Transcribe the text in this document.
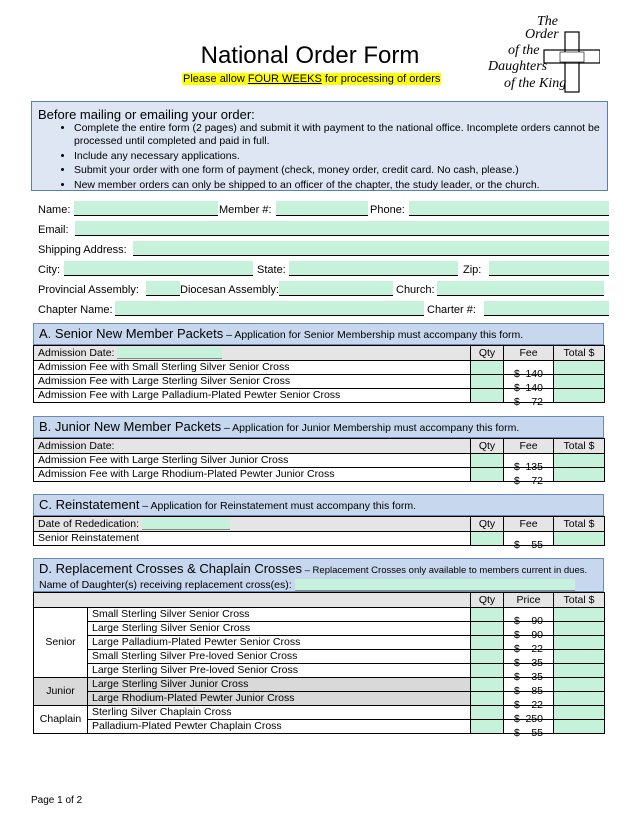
National Order Form
Please allow FOUR WEEKS for processing of orders
The
Order
of the
Daughters
of the King
Before mailing or emailing your order:
• Complete the entire form (2 pages) and submit it with payment to the national office. Incomplete orders cannot be processed until completed and paid in full.
• Include any necessary applications.
• Submit your order with one form of payment (check, money order, credit card. No cash, please.)
• New member orders can only be shipped to an officer of the chapter, the study leader, or the church.
Name:	Member #:	Phone:
Email:
Shipping Address:
City:	State:	Zip:
Provincial Assembly:	Diocesan Assembly:	Church:
Chapter Name:	Charter #:
A. Senior New Member Packets – Application for Senior Membership must accompany this form.
Admission Date:	Qty	Fee	Total $
Admission Fee with Small Sterling Silver Senior Cross		$ 140	

Admission Fee with Large Sterling Silver Senior Cross		$ 140	

Admission Fee with Large Palladium-Plated Pewter Senior Cross		$ 72	

B. Junior New Member Packets – Application for Junior Membership must accompany this form.
Admission Date:	Qty	Fee	Total $
Admission Fee with Large Sterling Silver Junior Cross		$ 135	

Admission Fee with Large Rhodium-Plated Pewter Junior Cross		$ 72	

C. Reinstatement – Application for Reinstatement must accompany this form.
Date of Rededication:	Qty	Fee	Total $
Senior Reinstatement		$ 55	

D. Replacement Crosses & Chaplain Crosses – Replacement Crosses only available to members current in dues.
Name of Daughter(s) receiving replacement cross(es):
		Qty	Price	Total $
Senior	Small Sterling Silver Senior Cross		$ 90	

	Large Sterling Silver Senior Cross		$ 90	

	Large Palladium-Plated Pewter Senior Cross		$ 22	

	Small Sterling Silver Pre-loved Senior Cross		$ 35	

	Large Sterling Silver Pre-loved Senior Cross		$ 35	

Junior	Large Sterling Silver Junior Cross		$ 85	

	Large Rhodium-Plated Pewter Junior Cross		$ 22	

Chaplain	Sterling Silver Chaplain Cross		$ 250	

	Palladium-Plated Pewter Chaplain Cross		$ 55	

Page 1 of 2
